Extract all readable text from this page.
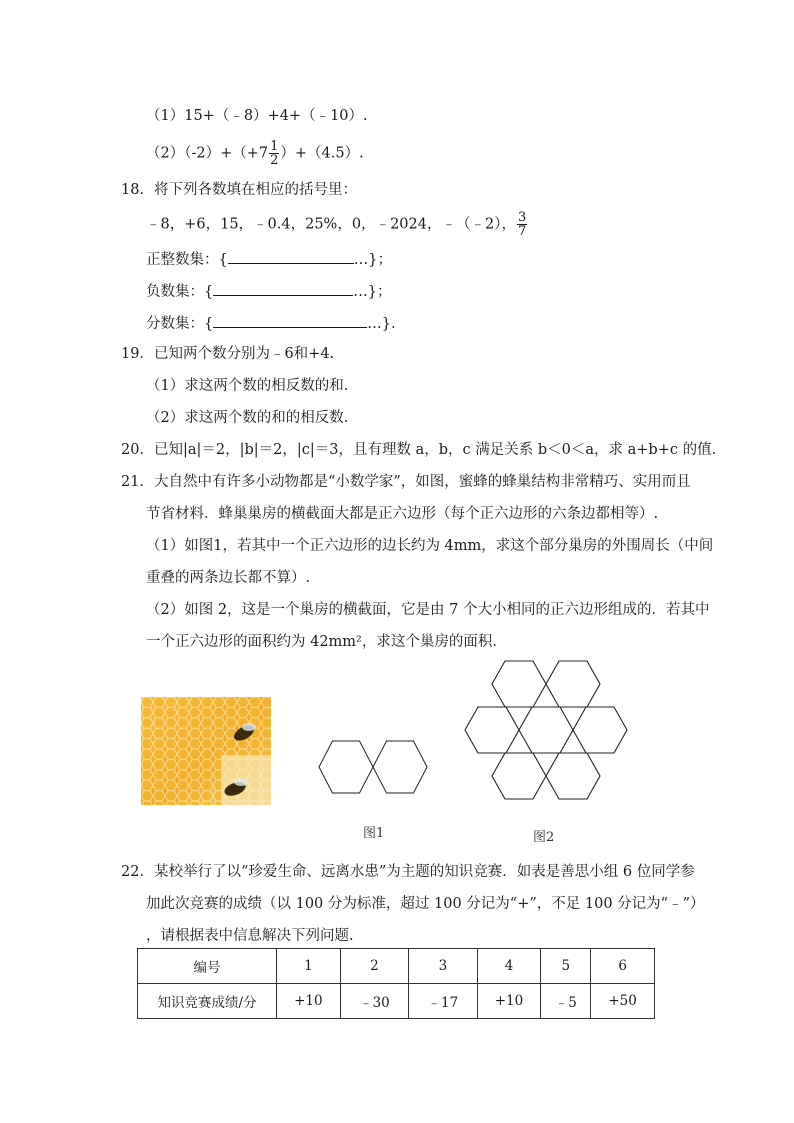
（1）15+（﹣8）+4+（﹣10）.
$(2)(-2)+(+7 \frac{1}{2} )+(4.5)$.
18．将下列各数填在相应的括号里：
﹣8，+6，15，﹣0.4，25%，0，﹣2024，﹣（﹣2）， $\frac{3}{7}$
正整数集：{	…}；
负数集：{	…}；
分数集：{	…}.
19．已知两个数分别为﹣6和+4.
（1）求这两个数的相反数的和.
（2）求这两个数的和的相反数.
20．已知|a|＝2，|b|＝2，|c|＝3，且有理数 a，b，c 满足关系 b＜0＜a，求 a+b+c 的值.
21．大自然中有许多小动物都是“小数学家”，如图，蜜蜂的蜂巢结构非常精巧、实用而且
节省材料．蜂巢巢房的横截面大都是正六边形（每个正六边形的六条边都相等）.
（1）如图1，若其中一个正六边形的边长约为 4mm，求这个部分巢房的外围周长（中间
重叠的两条边长都不算）.
（2）如图 2，这是一个巢房的横截面，它是由 7 个大小相同的正六边形组成的．若其中
一个正六边形的面积约为 42mm²，求这个巢房的面积.
图1	图2
22．某校举行了以“珍爱生命、远离水患”为主题的知识竞赛．如表是善思小组 6 位同学参
加此次竞赛的成绩（以 100 分为标准，超过 100 分记为“+”，不足 100 分记为“﹣”）
，请根据表中信息解决下列问题.
编号	1	2	3	4	5	6
知识竞赛成绩/分	+10	﹣30	﹣17	+10	﹣5	+50
